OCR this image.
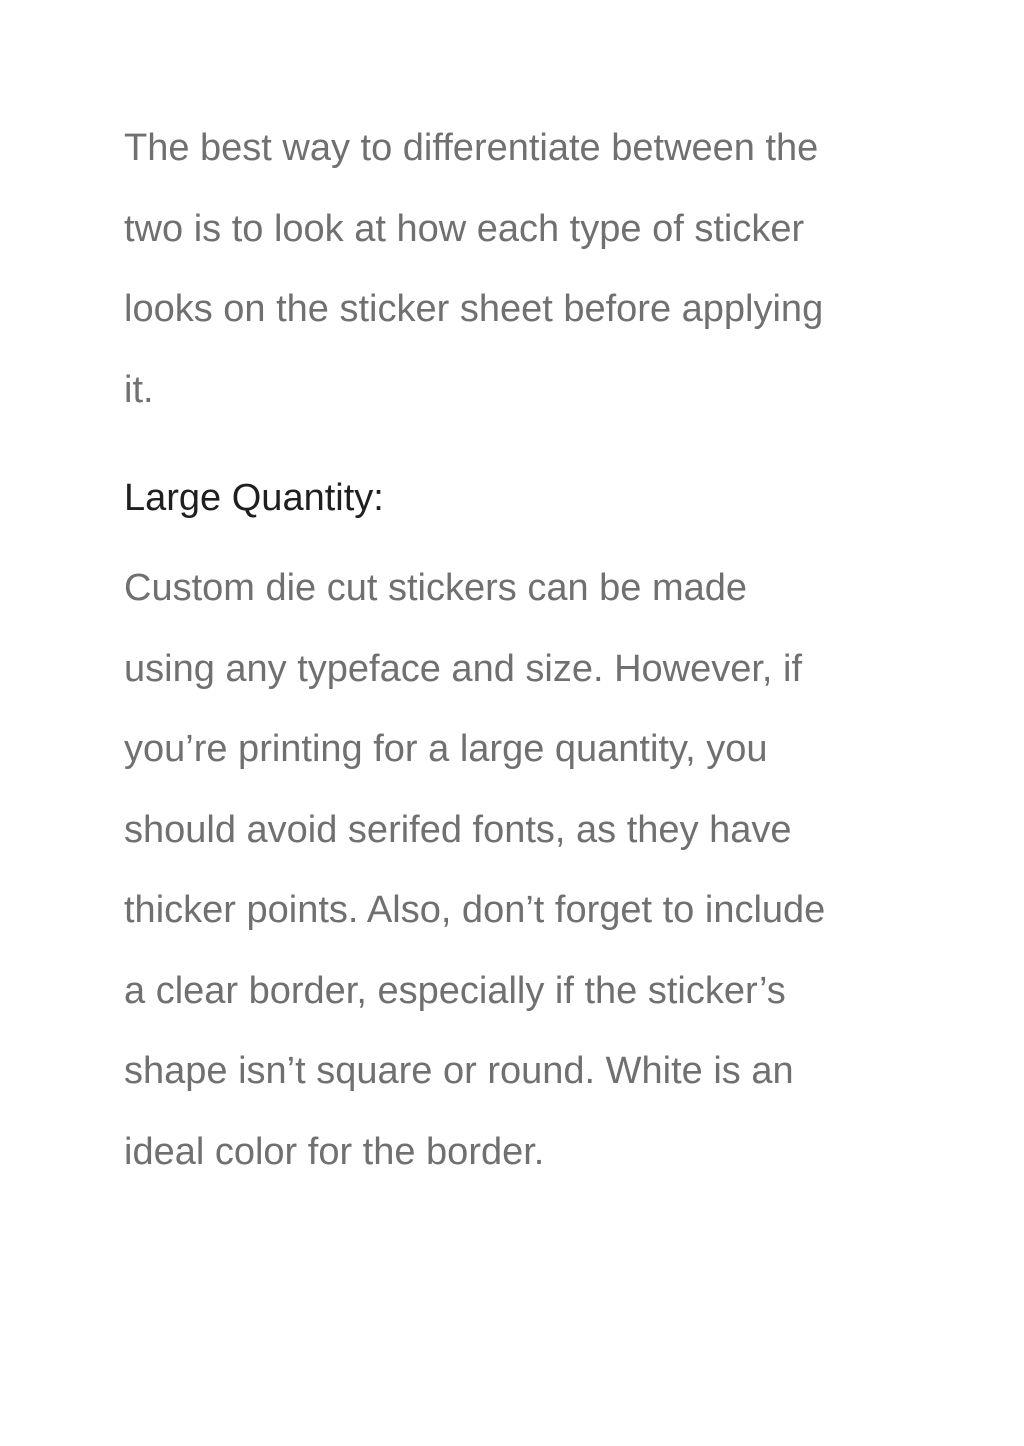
The best way to differentiate between the
two is to look at how each type of sticker
looks on the sticker sheet before applying
it.

Large Quantity:

Custom die cut stickers can be made
using any typeface and size. However, if
you’re printing for a large quantity, you
should avoid serifed fonts, as they have
thicker points. Also, don’t forget to include
a clear border, especially if the sticker’s
shape isn’t square or round. White is an
ideal color for the border.
